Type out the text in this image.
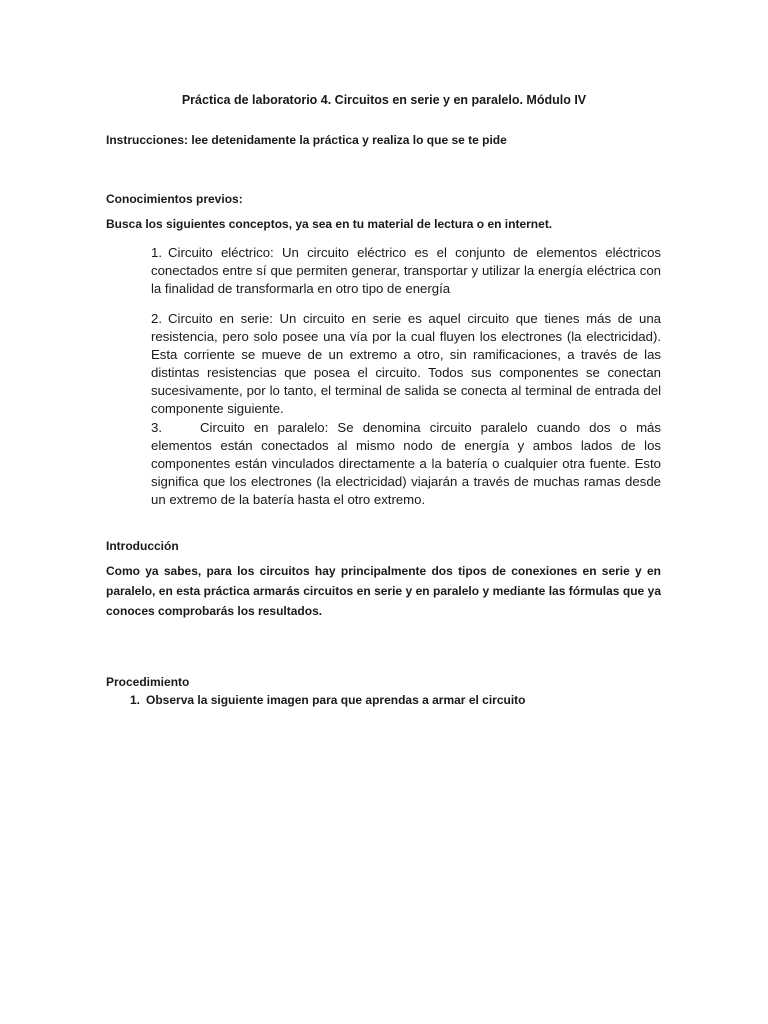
Práctica de laboratorio 4. Circuitos en serie y en paralelo. Módulo IV
Instrucciones: lee detenidamente la práctica y realiza lo que se te pide
Conocimientos previos:
Busca los siguientes conceptos, ya sea en tu material de lectura o en internet.
1. Circuito eléctrico: Un circuito eléctrico es el conjunto de elementos eléctricos conectados entre sí que permiten generar, transportar y utilizar la energía eléctrica con la finalidad de transformarla en otro tipo de energía
2. Circuito en serie: Un circuito en serie es aquel circuito que tienes más de una resistencia, pero solo posee una vía por la cual fluyen los electrones (la electricidad). Esta corriente se mueve de un extremo a otro, sin ramificaciones, a través de las distintas resistencias que posea el circuito. Todos sus componentes se conectan sucesivamente, por lo tanto, el terminal de salida se conecta al terminal de entrada del componente siguiente.
3.	Circuito en paralelo: Se denomina circuito paralelo cuando dos o más elementos están conectados al mismo nodo de energía y ambos lados de los componentes están vinculados directamente a la batería o cualquier otra fuente. Esto significa que los electrones (la electricidad) viajarán a través de muchas ramas desde un extremo de la batería hasta el otro extremo.
Introducción
Como ya sabes, para los circuitos hay principalmente dos tipos de conexiones en serie y en paralelo, en esta práctica armarás circuitos en serie y en paralelo y mediante las fórmulas que ya conoces comprobarás los resultados.
Procedimiento
1. Observa la siguiente imagen para que aprendas a armar el circuito
